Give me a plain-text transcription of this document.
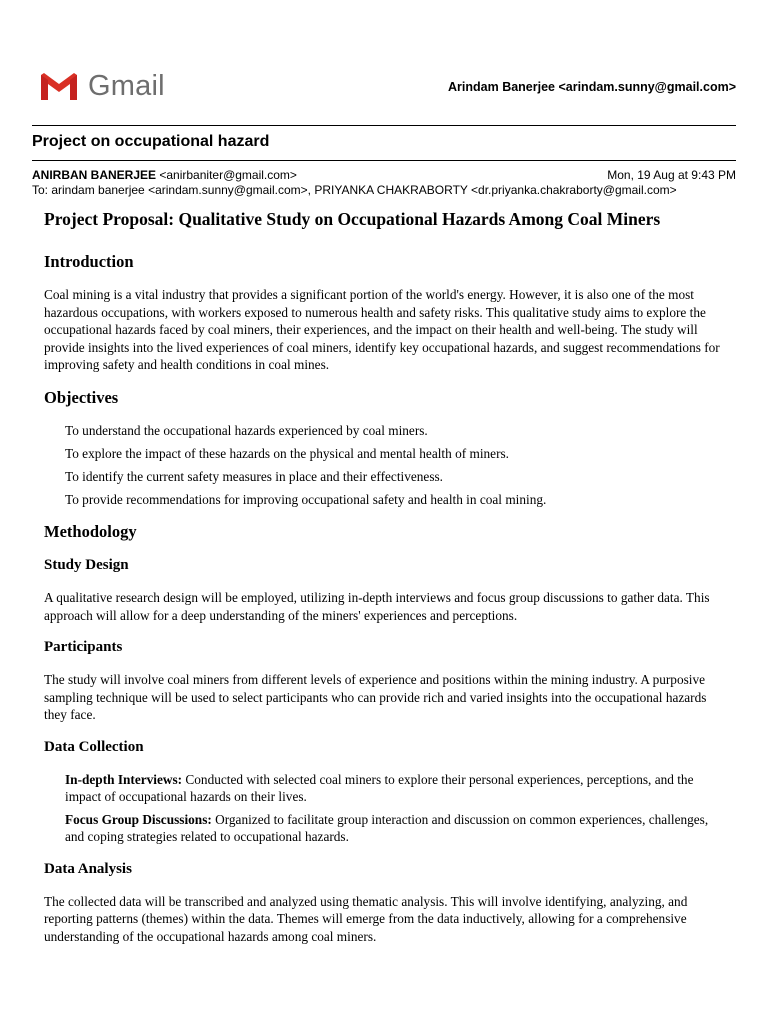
Gmail	Arindam Banerjee <arindam.sunny@gmail.com>
Project on occupational hazard
ANIRBAN BANERJEE <anirbaniter@gmail.com>	Mon, 19 Aug at 9:43 PM
To: arindam banerjee <arindam.sunny@gmail.com>, PRIYANKA CHAKRABORTY <dr.priyanka.chakraborty@gmail.com>
Project Proposal: Qualitative Study on Occupational Hazards Among Coal Miners
Introduction

Coal mining is a vital industry that provides a significant portion of the world's energy. However, it is also one of the most hazardous occupations, with workers exposed to numerous health and safety risks. This qualitative study aims to explore the occupational hazards faced by coal miners, their experiences, and the impact on their health and well-being. The study will provide insights into the lived experiences of coal miners, identify key occupational hazards, and suggest recommendations for improving safety and health conditions in coal mines.

Objectives
To understand the occupational hazards experienced by coal miners.
To explore the impact of these hazards on the physical and mental health of miners.
To identify the current safety measures in place and their effectiveness.
To provide recommendations for improving occupational safety and health in coal mining.
Methodology
Study Design

A qualitative research design will be employed, utilizing in-depth interviews and focus group discussions to gather data. This approach will allow for a deep understanding of the miners' experiences and perceptions.

Participants

The study will involve coal miners from different levels of experience and positions within the mining industry. A purposive sampling technique will be used to select participants who can provide rich and varied insights into the occupational hazards they face.

Data Collection
In-depth Interviews: Conducted with selected coal miners to explore their personal experiences, perceptions, and the impact of occupational hazards on their lives.
Focus Group Discussions: Organized to facilitate group interaction and discussion on common experiences, challenges, and coping strategies related to occupational hazards.
Data Analysis

The collected data will be transcribed and analyzed using thematic analysis. This will involve identifying, analyzing, and reporting patterns (themes) within the data. Themes will emerge from the data inductively, allowing for a comprehensive understanding of the occupational hazards among coal miners.
